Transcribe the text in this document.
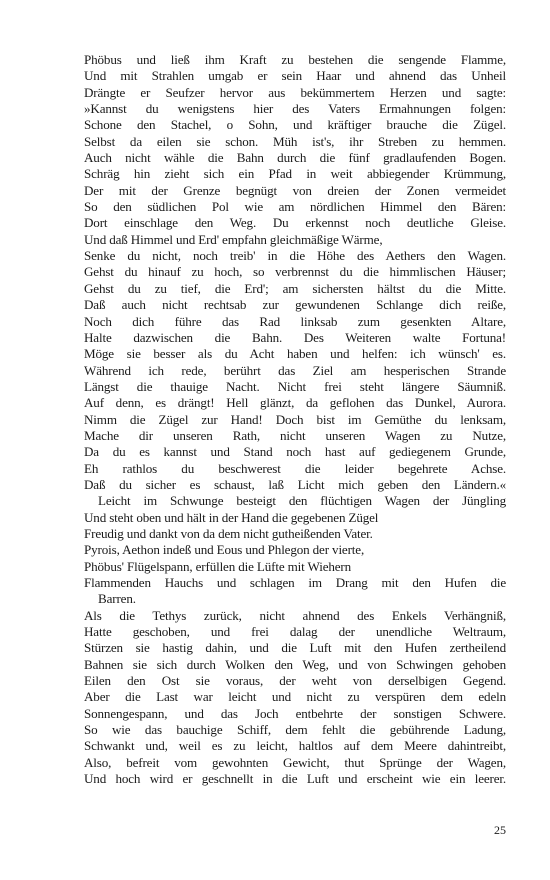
Phöbus und ließ ihm Kraft zu bestehen die sengende Flamme,
Und mit Strahlen umgab er sein Haar und ahnend das Unheil
Drängte er Seufzer hervor aus bekümmertem Herzen und sagte:
»Kannst du wenigstens hier des Vaters Ermahnungen folgen:
Schone den Stachel, o Sohn, und kräftiger brauche die Zügel.
Selbst da eilen sie schon. Müh ist's, ihr Streben zu hemmen.
Auch nicht wähle die Bahn durch die fünf gradlaufenden Bogen.
Schräg hin zieht sich ein Pfad in weit abbiegender Krümmung,
Der mit der Grenze begnügt von dreien der Zonen vermeidet
So den südlichen Pol wie am nördlichen Himmel den Bären:
Dort einschlage den Weg. Du erkennst noch deutliche Gleise.
Und daß Himmel und Erd' empfahn gleichmäßige Wärme,
Senke du nicht, noch treib' in die Höhe des Aethers den Wagen.
Gehst du hinauf zu hoch, so verbrennst du die himmlischen Häuser;
Gehst du zu tief, die Erd'; am sichersten hältst du die Mitte.
Daß auch nicht rechtsab zur gewundenen Schlange dich reiße,
Noch dich führe das Rad linksab zum gesenkten Altare,
Halte dazwischen die Bahn. Des Weiteren walte Fortuna!
Möge sie besser als du Acht haben und helfen: ich wünsch' es.
Während ich rede, berührt das Ziel am hesperischen Strande
Längst die thauige Nacht. Nicht frei steht längere Säumniß.
Auf denn, es drängt! Hell glänzt, da geflohen das Dunkel, Aurora.
Nimm die Zügel zur Hand! Doch bist im Gemüthe du lenksam,
Mache dir unseren Rath, nicht unseren Wagen zu Nutze,
Da du es kannst und Stand noch hast auf gediegenem Grunde,
Eh rathlos du beschwerest die leider begehrete Achse.
Daß du sicher es schaust, laß Licht mich geben den Ländern.«
Leicht im Schwunge besteigt den flüchtigen Wagen der Jüngling
Und steht oben und hält in der Hand die gegebenen Zügel
Freudig und dankt von da dem nicht gutheißenden Vater.
Pyrois, Aethon indeß und Eous und Phlegon der vierte,
Phöbus' Flügelspann, erfüllen die Lüfte mit Wiehern
Flammenden Hauchs und schlagen im Drang mit den Hufen die
Barren.
Als die Tethys zurück, nicht ahnend des Enkels Verhängniß,
Hatte geschoben, und frei dalag der unendliche Weltraum,
Stürzen sie hastig dahin, und die Luft mit den Hufen zertheilend
Bahnen sie sich durch Wolken den Weg, und von Schwingen gehoben
Eilen den Ost sie voraus, der weht von derselbigen Gegend.
Aber die Last war leicht und nicht zu verspüren dem edeln
Sonnengespann, und das Joch entbehrte der sonstigen Schwere.
So wie das bauchige Schiff, dem fehlt die gebührende Ladung,
Schwankt und, weil es zu leicht, haltlos auf dem Meere dahintreibt,
Also, befreit vom gewohnten Gewicht, thut Sprünge der Wagen,
Und hoch wird er geschnellt in die Luft und erscheint wie ein leerer.
25
